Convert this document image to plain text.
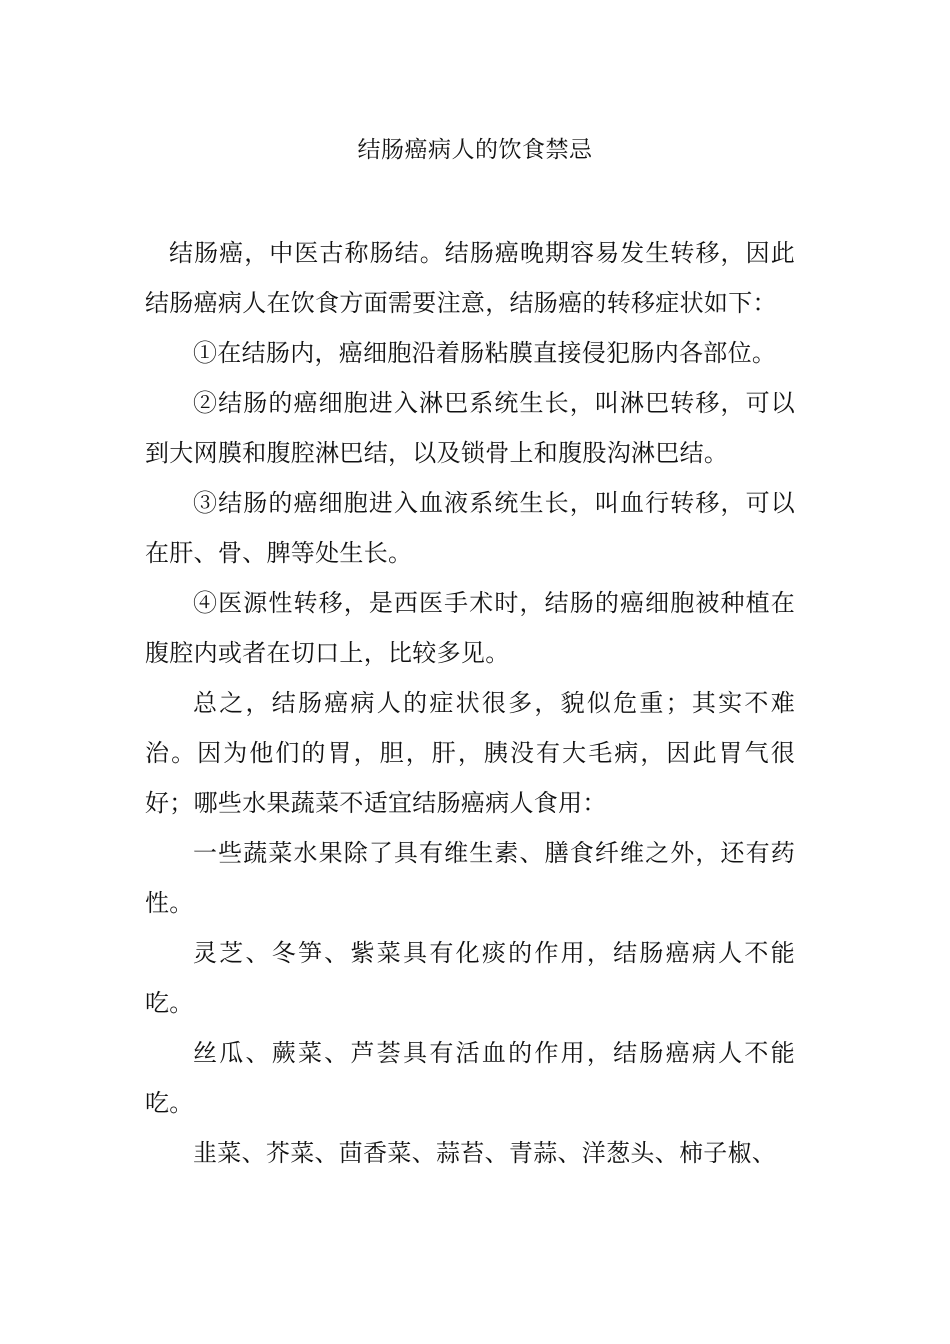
结肠癌病人的饮食禁忌

结肠癌，中医古称肠结。结肠癌晚期容易发生转移，因此结肠癌病人在饮食方面需要注意，结肠癌的转移症状如下：

①在结肠内，癌细胞沿着肠粘膜直接侵犯肠内各部位。

②结肠的癌细胞进入淋巴系统生长，叫淋巴转移，可以到大网膜和腹腔淋巴结，以及锁骨上和腹股沟淋巴结。

③结肠的癌细胞进入血液系统生长，叫血行转移，可以在肝、骨、脾等处生长。

④医源性转移，是西医手术时，结肠的癌细胞被种植在腹腔内或者在切口上，比较多见。

总之，结肠癌病人的症状很多，貌似危重；其实不难治。因为他们的胃，胆，肝，胰没有大毛病，因此胃气很好；哪些水果蔬菜不适宜结肠癌病人食用：

一些蔬菜水果除了具有维生素、膳食纤维之外，还有药性。

灵芝、冬笋、紫菜具有化痰的作用，结肠癌病人不能吃。

丝瓜、蕨菜、芦荟具有活血的作用，结肠癌病人不能吃。

韭菜、芥菜、茴香菜、蒜苔、青蒜、洋葱头、柿子椒、
